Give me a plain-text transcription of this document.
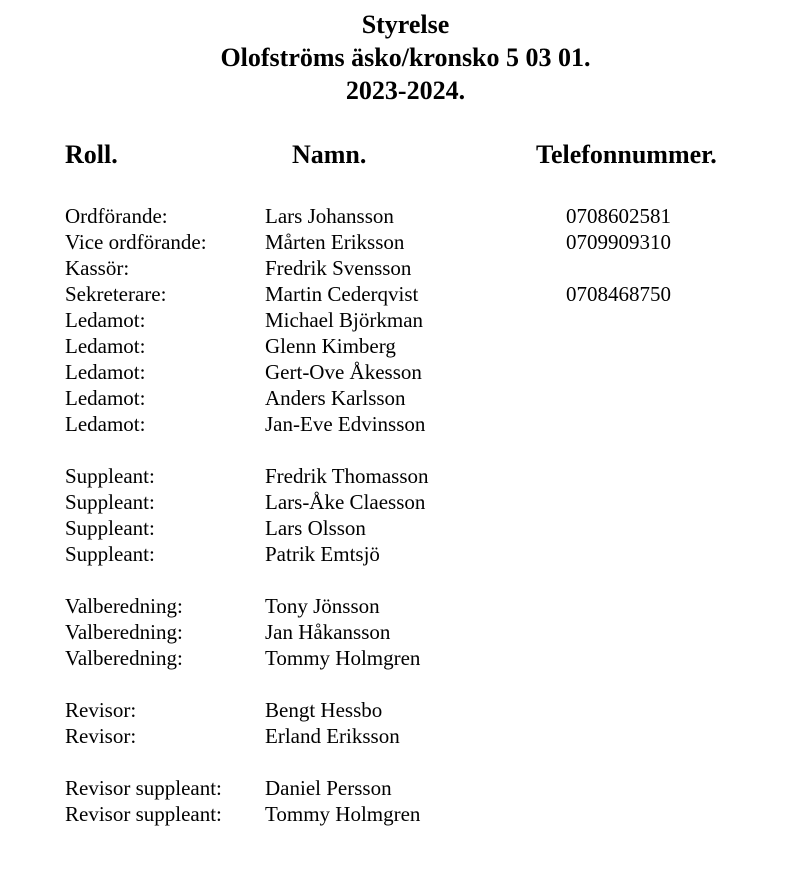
Styrelse
Olofströms äsko/kronsko 5 03 01.
2023-2024.
Roll.	Namn.	Telefonnummer.
Ordförande:	Lars Johansson	0708602581
Vice ordförande:	Mårten Eriksson	0709909310
Kassör:	Fredrik Svensson
Sekreterare:	Martin Cederqvist	0708468750
Ledamot:	Michael Björkman
Ledamot:	Glenn Kimberg
Ledamot:	Gert-Ove Åkesson
Ledamot:	Anders Karlsson
Ledamot:	Jan-Eve Edvinsson
Suppleant:	Fredrik Thomasson
Suppleant:	Lars-Åke Claesson
Suppleant:	Lars Olsson
Suppleant:	Patrik Emtsjö
Valberedning:	Tony Jönsson
Valberedning:	Jan Håkansson
Valberedning:	Tommy Holmgren
Revisor:	Bengt Hessbo
Revisor:	Erland Eriksson
Revisor suppleant: Daniel Persson
Revisor suppleant: Tommy Holmgren
